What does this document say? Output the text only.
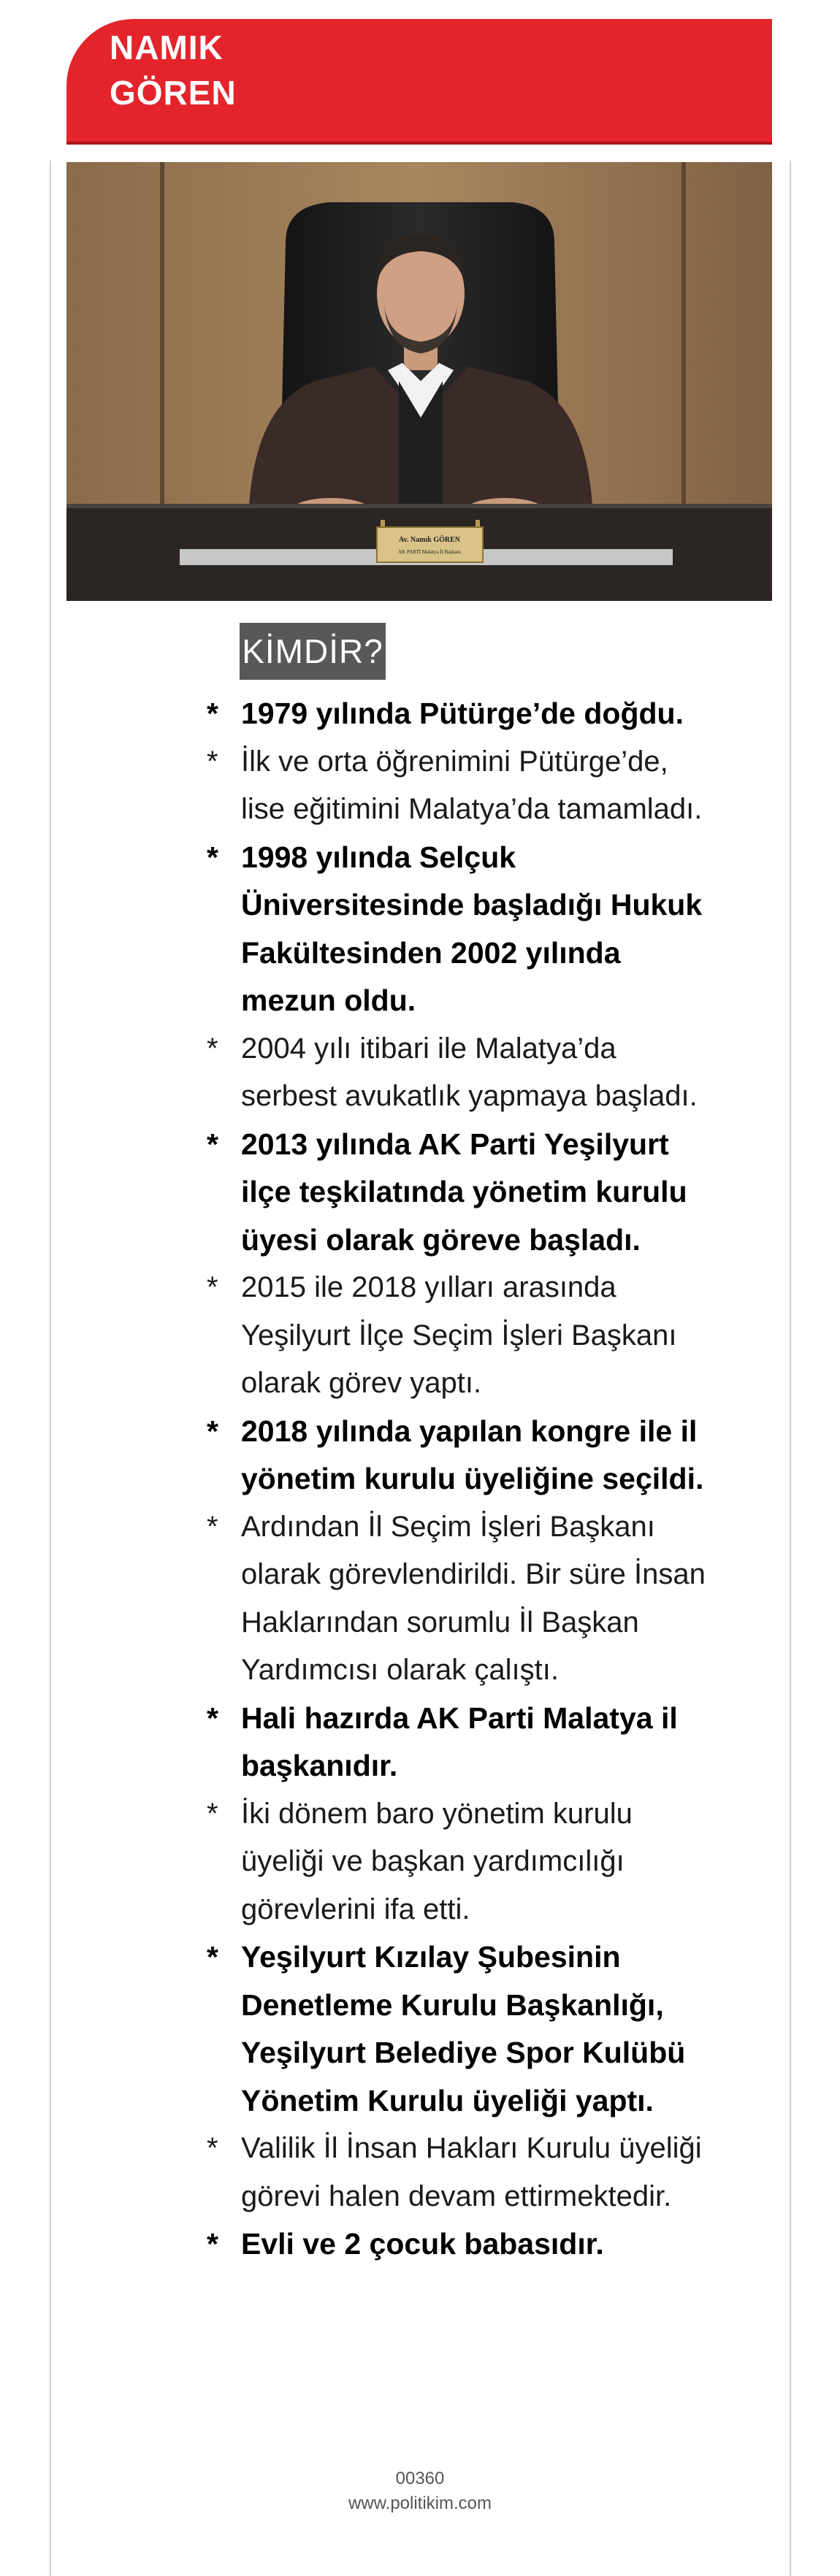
NAMIK
GÖREN
Av. Namık GÖREN
AK PARTİ Malatya İl Başkanı
KİMDİR?
* 1979 yılında Pütürge’de doğdu.
* İlk ve orta öğrenimini Pütürge’de,
lise eğitimini Malatya’da tamamladı.
* 1998 yılında Selçuk
Üniversitesinde başladığı Hukuk
Fakültesinden 2002 yılında
mezun oldu.
* 2004 yılı itibari ile Malatya’da
serbest avukatlık yapmaya başladı.
* 2013 yılında AK Parti Yeşilyurt
ilçe teşkilatında yönetim kurulu
üyesi olarak göreve başladı.
* 2015 ile 2018 yılları arasında
Yeşilyurt İlçe Seçim İşleri Başkanı
olarak görev yaptı.
* 2018 yılında yapılan kongre ile il
yönetim kurulu üyeliğine seçildi.
* Ardından İl Seçim İşleri Başkanı
olarak görevlendirildi. Bir süre İnsan
Haklarından sorumlu İl Başkan
Yardımcısı olarak çalıştı.
* Hali hazırda AK Parti Malatya il
başkanıdır.
* İki dönem baro yönetim kurulu
üyeliği ve başkan yardımcılığı
görevlerini ifa etti.
* Yeşilyurt Kızılay Şubesinin
Denetleme Kurulu Başkanlığı,
Yeşilyurt Belediye Spor Kulübü
Yönetim Kurulu üyeliği yaptı.
* Valilik İl İnsan Hakları Kurulu üyeliği
görevi halen devam ettirmektedir.
* Evli ve 2 çocuk babasıdır.
00360
www.politikim.com
